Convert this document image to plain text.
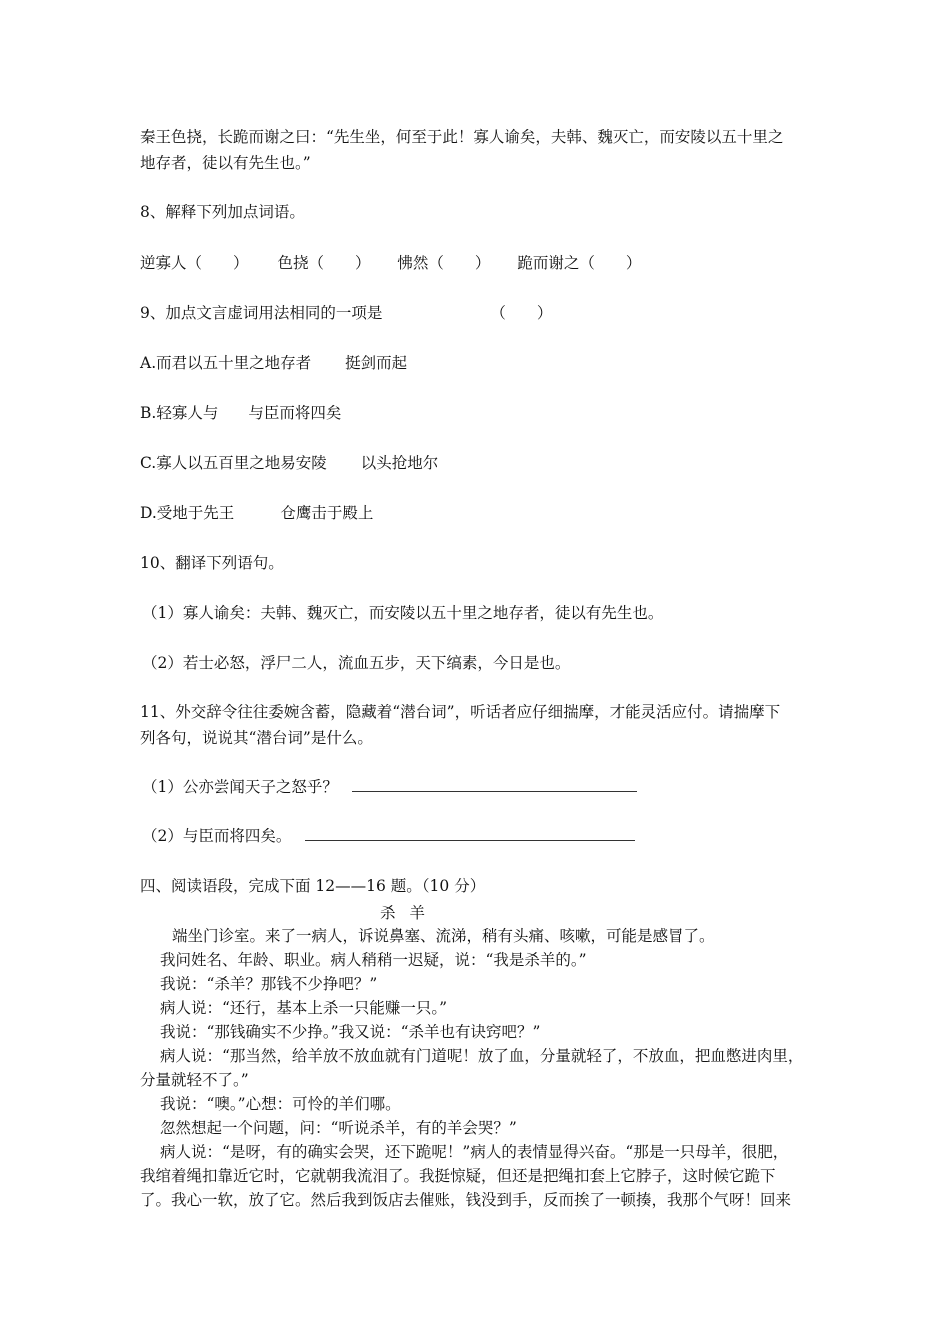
秦王色挠，长跪而谢之曰：“先生坐，何至于此！寡人谕矣，夫韩、魏灭亡，而安陵以五十里之
地存者，徒以有先生也。”
8、解释下列加点词语。
逆寡人（　　） 色挠（　　） 怫然（　　） 跪而谢之（　　）
9、加点文言虚词用法相同的一项是	（　　）
A.而君以五十里之地存者 挺剑而起
B.轻寡人与 与臣而将四矣
C.寡人以五百里之地易安陵 以头抢地尔
D.受地于先王	仓鹰击于殿上
10、翻译下列语句。
（1）寡人谕矣：夫韩、魏灭亡，而安陵以五十里之地存者，徒以有先生也。
（2）若士必怒，浮尸二人，流血五步，天下缟素，今日是也。
11、外交辞令往往委婉含蓄，隐藏着“潜台词”，听话者应仔细揣摩，才能灵活应付。请揣摩下
列各句，说说其“潜台词”是什么。
（1）公亦尝闻天子之怒乎？
（2）与臣而将四矣。
四、阅读语段，完成下面 12——16 题。（10 分）
杀羊
端坐门诊室。来了一病人，诉说鼻塞、流涕，稍有头痛、咳嗽，可能是感冒了。
我问姓名、年龄、职业。病人稍稍一迟疑，说：“我是杀羊的。”
我说：“杀羊？那钱不少挣吧？”
病人说：“还行，基本上杀一只能赚一只。”
我说：“那钱确实不少挣。”我又说：“杀羊也有诀窍吧？”
病人说：“那当然，给羊放不放血就有门道呢！放了血，分量就轻了，不放血，把血憋进肉里，
分量就轻不了。”
我说：“噢。”心想：可怜的羊们哪。
忽然想起一个问题，问：“听说杀羊，有的羊会哭？”
病人说：“是呀，有的确实会哭，还下跪呢！”病人的表情显得兴奋。“那是一只母羊，很肥，
我绾着绳扣靠近它时，它就朝我流泪了。我挺惊疑，但还是把绳扣套上它脖子，这时候它跪下
了。我心一软，放了它。然后我到饭店去催账，钱没到手，反而挨了一顿揍，我那个气呀！回来
